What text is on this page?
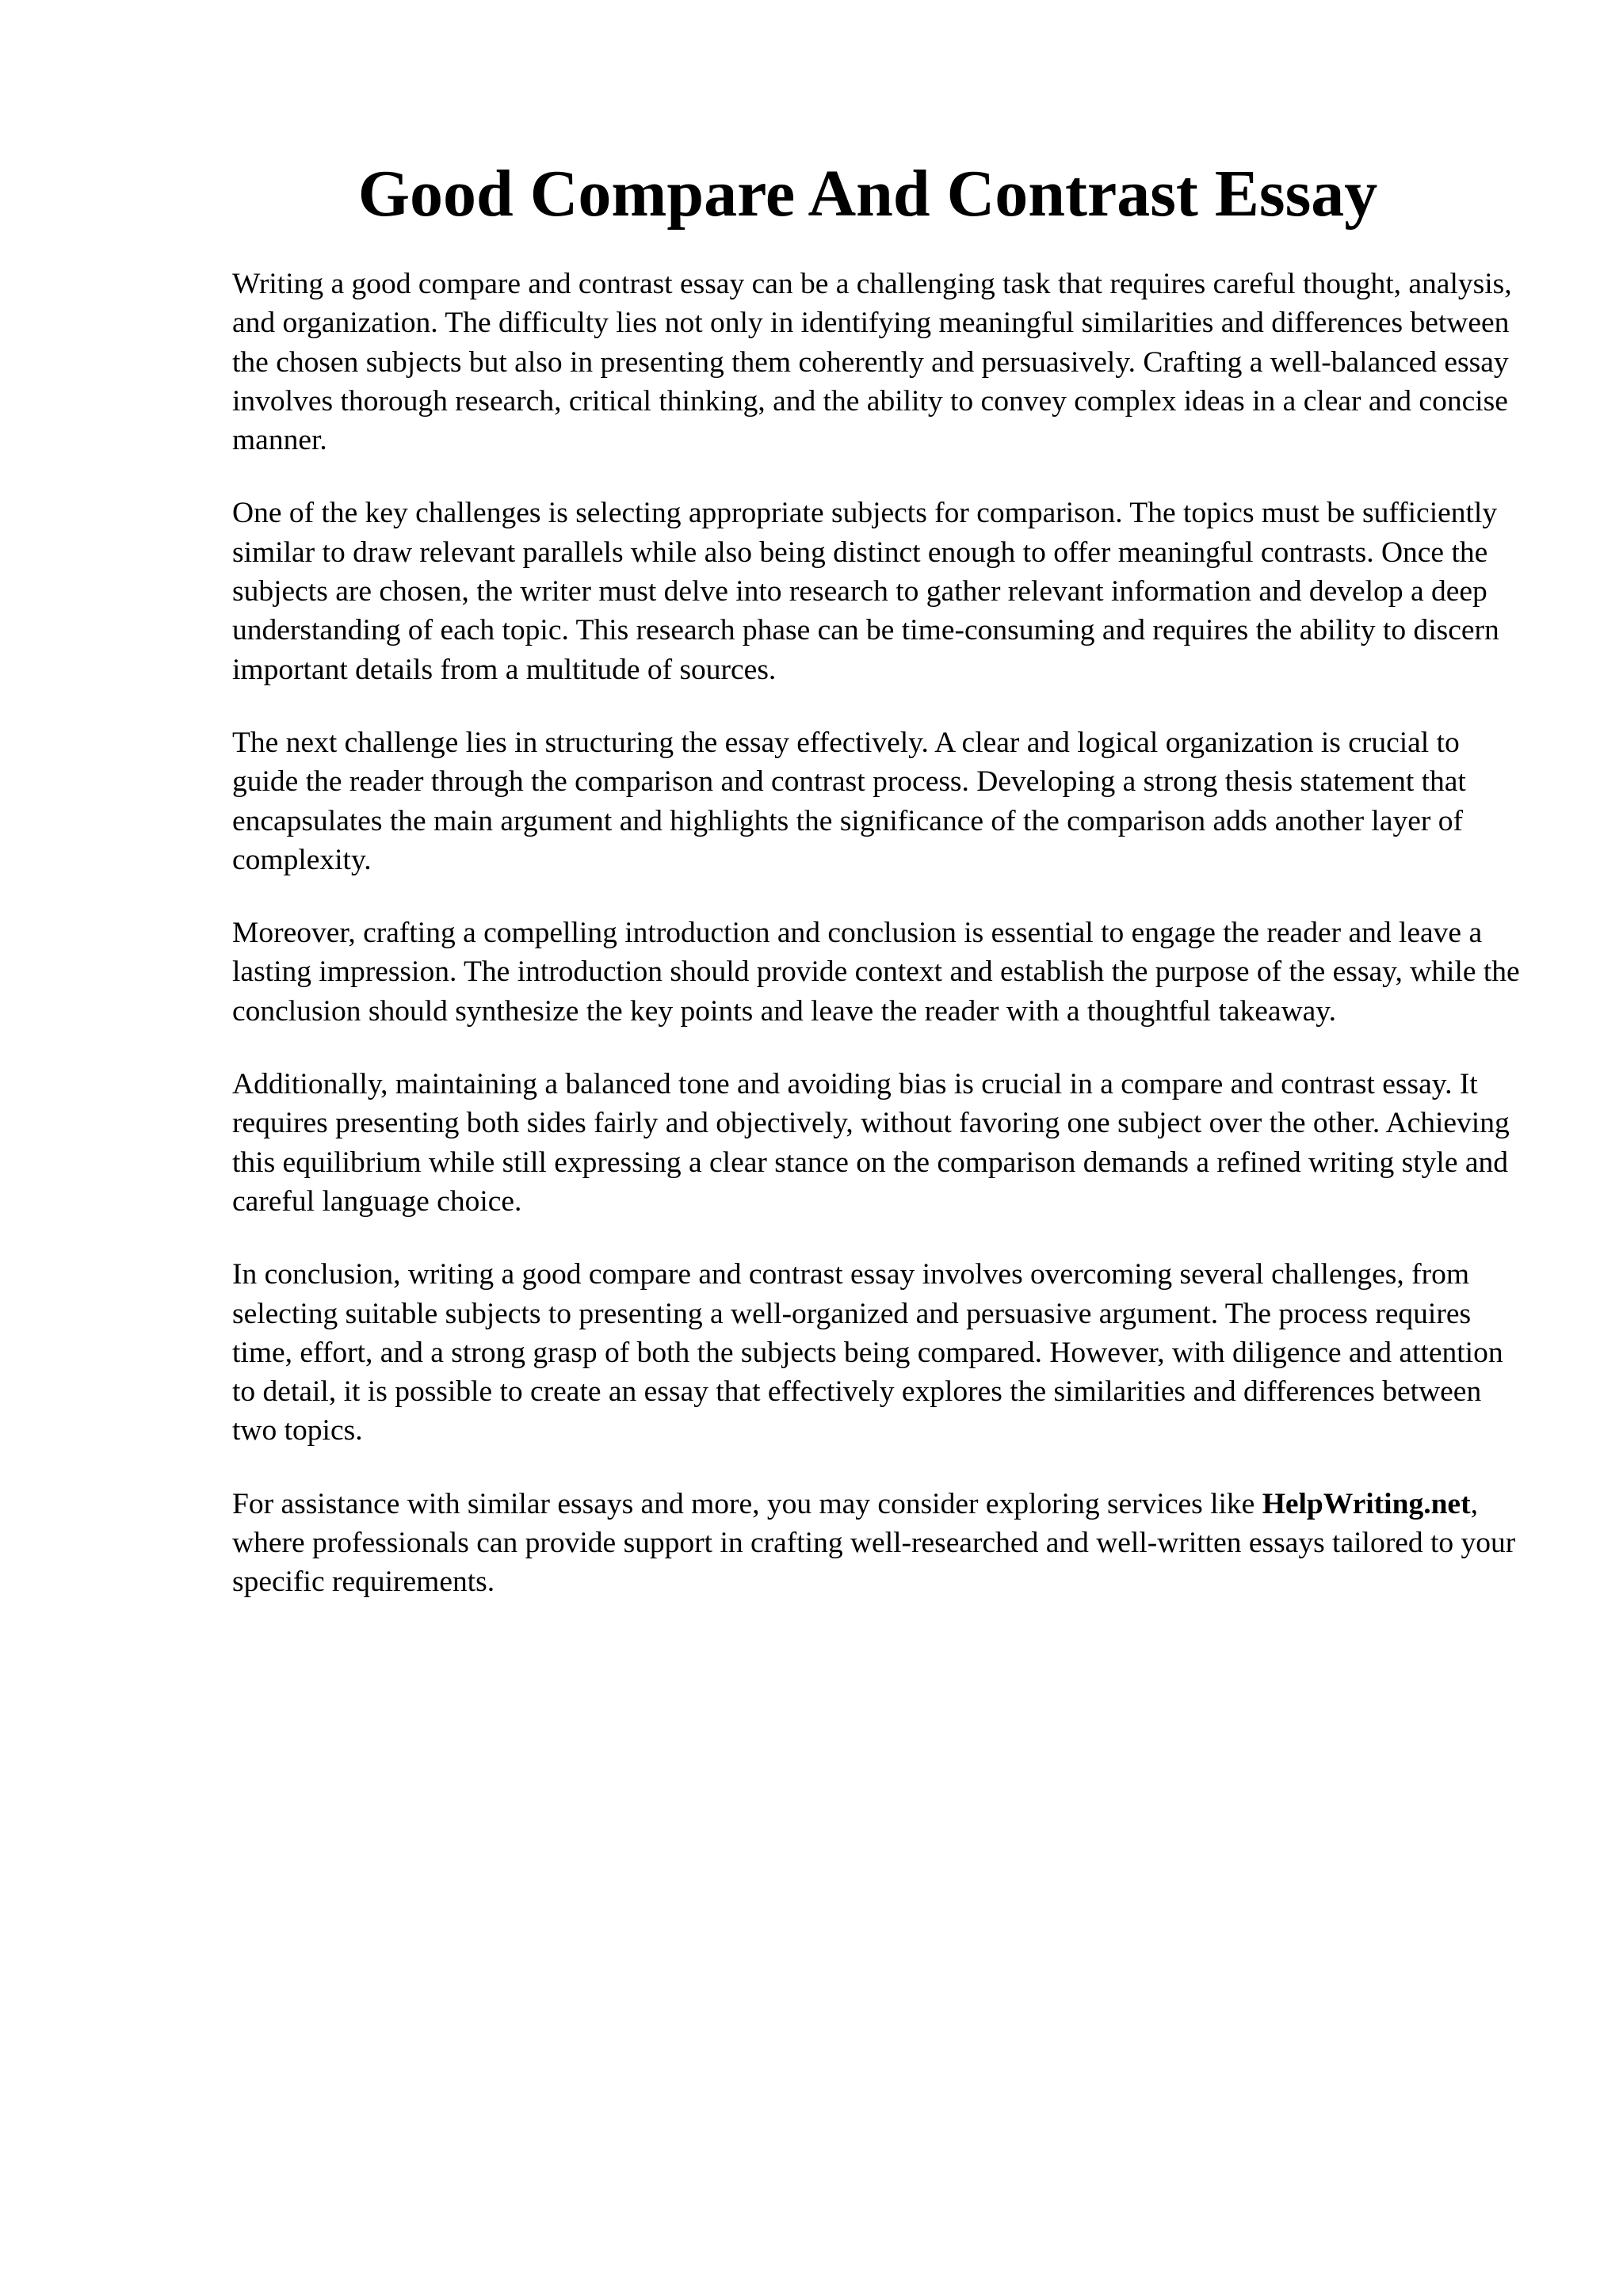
Good Compare And Contrast Essay

Writing a good compare and contrast essay can be a challenging task that requires careful thought, analysis, and organization. The difficulty lies not only in identifying meaningful similarities and differences between the chosen subjects but also in presenting them coherently and persuasively. Crafting a well-balanced essay involves thorough research, critical thinking, and the ability to convey complex ideas in a clear and concise manner.

One of the key challenges is selecting appropriate subjects for comparison. The topics must be sufficiently similar to draw relevant parallels while also being distinct enough to offer meaningful contrasts. Once the subjects are chosen, the writer must delve into research to gather relevant information and develop a deep understanding of each topic. This research phase can be time-consuming and requires the ability to discern important details from a multitude of sources.

The next challenge lies in structuring the essay effectively. A clear and logical organization is crucial to guide the reader through the comparison and contrast process. Developing a strong thesis statement that encapsulates the main argument and highlights the significance of the comparison adds another layer of complexity.

Moreover, crafting a compelling introduction and conclusion is essential to engage the reader and leave a lasting impression. The introduction should provide context and establish the purpose of the essay, while the conclusion should synthesize the key points and leave the reader with a thoughtful takeaway.

Additionally, maintaining a balanced tone and avoiding bias is crucial in a compare and contrast essay. It requires presenting both sides fairly and objectively, without favoring one subject over the other. Achieving this equilibrium while still expressing a clear stance on the comparison demands a refined writing style and careful language choice.

In conclusion, writing a good compare and contrast essay involves overcoming several challenges, from selecting suitable subjects to presenting a well-organized and persuasive argument. The process requires time, effort, and a strong grasp of both the subjects being compared. However, with diligence and attention to detail, it is possible to create an essay that effectively explores the similarities and differences between two topics.

For assistance with similar essays and more, you may consider exploring services like HelpWriting.net, where professionals can provide support in crafting well-researched and well-written essays tailored to your specific requirements.
